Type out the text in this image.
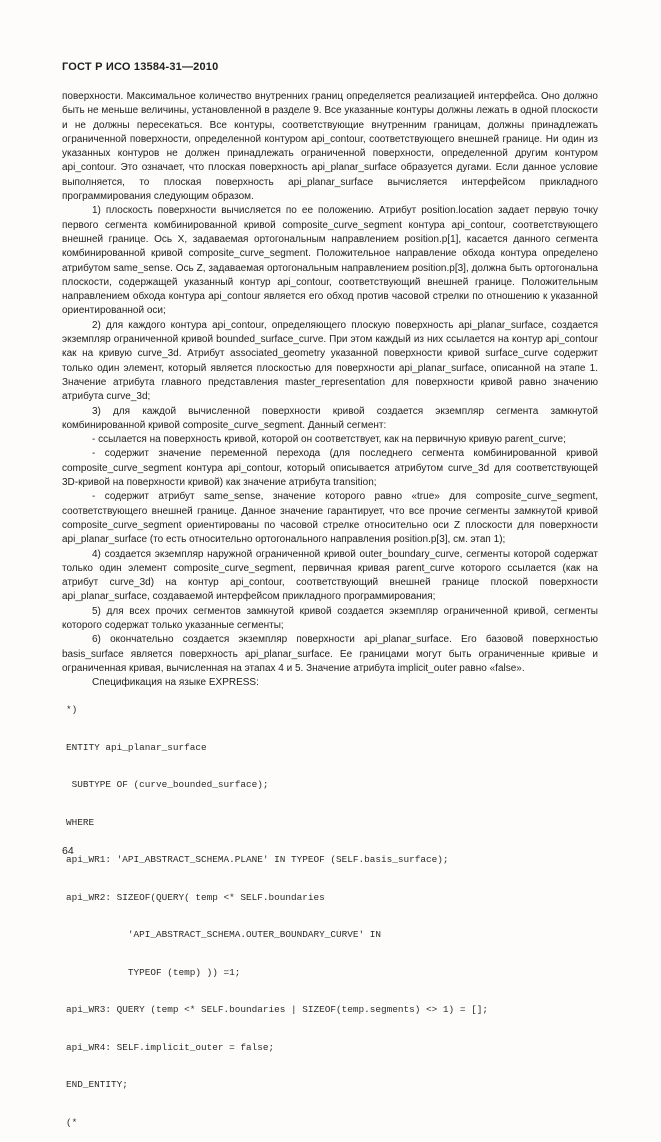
ГОСТ Р ИСО 13584-31—2010

поверхности. Максимальное количество внутренних границ определяется реализацией интерфейса. Оно должно быть не меньше величины, установленной в разделе 9. Все указанные контуры должны лежать в одной плоскости и не должны пересекаться. Все контуры, соответствующие внутренним границам, должны принадлежать ограниченной поверхности, определенной контуром api_contour, соответствующего внешней границе. Ни один из указанных контуров не должен принадлежать ограниченной поверхности, определенной другим контуром api_contour. Это означает, что плоская поверхность api_planar_surface образуется дугами. Если данное условие выполняется, то плоская поверхность api_planar_surface вычисляется интерфейсом прикладного программирования следующим образом.

1) плоскость поверхности вычисляется по ее положению. Атрибут position.location задает первую точку первого сегмента комбинированной кривой composite_curve_segment контура api_contour, соответствующего внешней границе. Ось X, задаваемая ортогональным направлением position.p[1], касается данного сегмента комбинированной кривой composite_curve_segment. Положительное направление обхода контура определено атрибутом same_sense. Ось Z, задаваемая ортогональным направлением position.p[3], должна быть ортогональна плоскости, содержащей указанный контур api_contour, соответствующий внешней границе. Положительным направлением обхода контура api_contour является его обход против часовой стрелки по отношению к указанной ориентированной оси;

2) для каждого контура api_contour, определяющего плоскую поверхность api_planar_surface, создается экземпляр ограниченной кривой bounded_surface_curve. При этом каждый из них ссылается на контур api_contour как на кривую curve_3d. Атрибут associated_geometry указанной поверхности кривой surface_curve содержит только один элемент, который является плоскостью для поверхности api_planar_surface, описанной на этапе 1. Значение атрибута главного представления master_representation для поверхности кривой равно значению атрибута curve_3d;

3) для каждой вычисленной поверхности кривой создается экземпляр сегмента замкнутой комбинированной кривой composite_curve_segment. Данный сегмент:

- ссылается на поверхность кривой, которой он соответствует, как на первичную кривую parent_curve;

- содержит значение переменной перехода (для последнего сегмента комбинированной кривой composite_curve_segment контура api_contour, который описывается атрибутом curve_3d для соответствующей 3D-кривой на поверхности кривой) как значение атрибута transition;

- содержит атрибут same_sense, значение которого равно «true» для composite_curve_segment, соответствующего внешней границе. Данное значение гарантирует, что все прочие сегменты замкнутой кривой composite_curve_segment ориентированы по часовой стрелке относительно оси Z плоскости для поверхности api_planar_surface (то есть относительно ортогонального направления position.p[3], см. этап 1);

4) создается экземпляр наружной ограниченной кривой outer_boundary_curve, сегменты которой содержат только один элемент composite_curve_segment, первичная кривая parent_curve которого ссылается (как на атрибут curve_3d) на контур api_contour, соответствующий внешней границе плоской поверхности api_planar_surface, создаваемой интерфейсом прикладного программирования;

5) для всех прочих сегментов замкнутой кривой создается экземпляр ограниченной кривой, сегменты которого содержат только указанные сегменты;

6) окончательно создается экземпляр поверхности api_planar_surface. Его базовой поверхностью basis_surface является поверхность api_planar_surface. Ее границами могут быть ограниченные кривые и ограниченная кривая, вычисленная на этапах 4 и 5. Значение атрибута implicit_outer равно «false».

Спецификация на языке EXPRESS:

*)

ENTITY api_planar_surface

SUBTYPE OF (curve_bounded_surface);

WHERE

api_WR1: 'API_ABSTRACT_SCHEMA.PLANE' IN TYPEOF (SELF.basis_surface);

api_WR2: SIZEOF(QUERY( temp <* SELF.boundaries

'API_ABSTRACT_SCHEMA.OUTER_BOUNDARY_CURVE' IN

TYPEOF (temp) )) =1;

api_WR3: QUERY (temp <* SELF.boundaries | SIZEOF(temp.segments) <> 1) = [];

api_WR4: SELF.implicit_outer = false;

END_ENTITY;

(*

64
